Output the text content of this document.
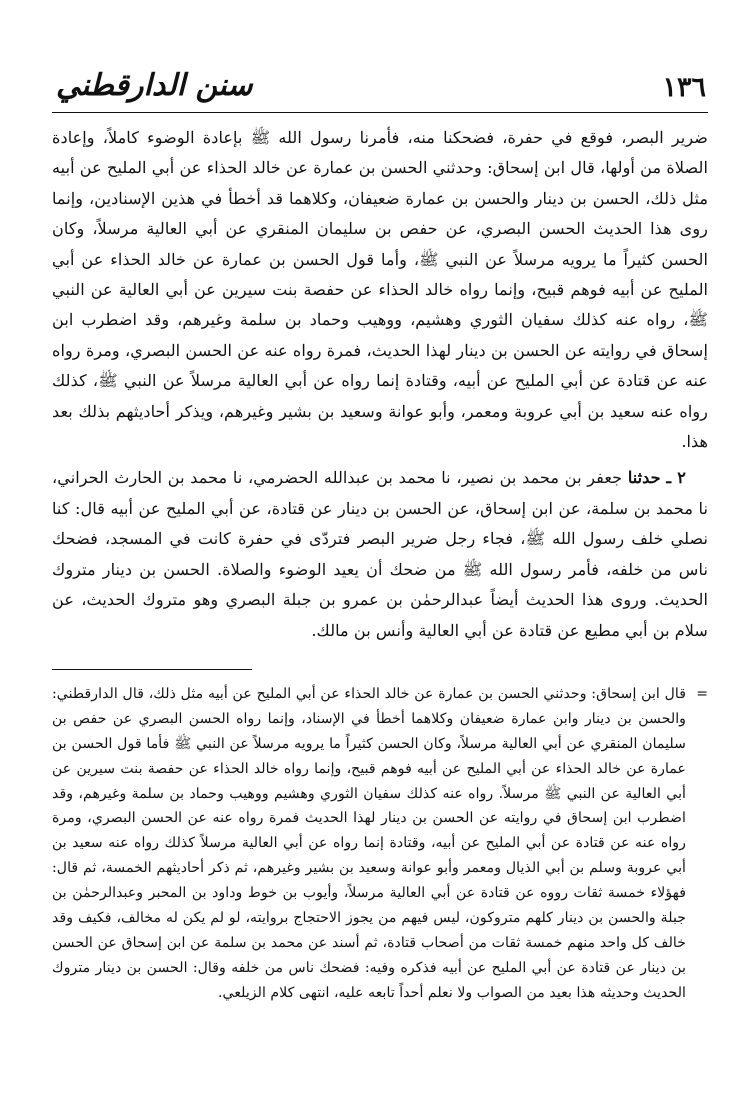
١٣٦
سنن الدارقطني

ضرير البصر، فوقع في حفرة، فضحكنا منه، فأمرنا رسول الله ﷺ بإعادة الوضوء كاملاً، وإعادة الصلاة من أولها، قال ابن إسحاق: وحدثني الحسن بن عمارة عن خالد الحذاء عن أبي المليح عن أبيه مثل ذلك، الحسن بن دينار والحسن بن عمارة ضعيفان، وكلاهما قد أخطأ في هذين الإسنادين، وإنما روى هذا الحديث الحسن البصري، عن حفص بن سليمان المنقري عن أبي العالية مرسلاً، وكان الحسن كثيراً ما يرويه مرسلاً عن النبي ﷺ، وأما قول الحسن بن عمارة عن خالد الحذاء عن أبي المليح عن أبيه فوهم قبيح، وإنما رواه خالد الحذاء عن حفصة بنت سيرين عن أبي العالية عن النبي ﷺ، رواه عنه كذلك سفيان الثوري وهشيم، ووهيب وحماد بن سلمة وغيرهم، وقد اضطرب ابن إسحاق في روايته عن الحسن بن دينار لهذا الحديث، فمرة رواه عنه عن الحسن البصري، ومرة رواه عنه عن قتادة عن أبي المليح عن أبيه، وقتادة إنما رواه عن أبي العالية مرسلاً عن النبي ﷺ، كذلك رواه عنه سعيد بن أبي عروبة ومعمر، وأبو عوانة وسعيد بن بشير وغيرهم، ويذكر أحاديثهم بذلك بعد هذا.

٢ ـ حدثنا جعفر بن محمد بن نصير، نا محمد بن عبدالله الحضرمي، نا محمد بن الحارث الحراني، نا محمد بن سلمة، عن ابن إسحاق، عن الحسن بن دينار عن قتادة، عن أبي المليح عن أبيه قال: كنا نصلي خلف رسول الله ﷺ، فجاء رجل ضرير البصر فتردّى في حفرة كانت في المسجد، فضحك ناس من خلفه، فأمر رسول الله ﷺ من ضحك أن يعيد الوضوء والصلاة. الحسن بن دينار متروك الحديث. وروى هذا الحديث أيضاً عبدالرحمٰن بن عمرو بن جبلة البصري وهو متروك الحديث، عن سلام بن أبي مطيع عن قتادة عن أبي العالية وأنس بن مالك.

=
قال ابن إسحاق: وحدثني الحسن بن عمارة عن خالد الحذاء عن أبي المليح عن أبيه مثل ذلك، قال الدارقطني: والحسن بن دينار وابن عمارة ضعيفان وكلاهما أخطأ في الإسناد، وإنما رواه الحسن البصري عن حفص بن سليمان المنقري عن أبي العالية مرسلاً، وكان الحسن كثيراً ما يرويه مرسلاً عن النبي ﷺ فأما قول الحسن بن عمارة عن خالد الحذاء عن أبي المليح عن أبيه فوهم قبيح، وإنما رواه خالد الحذاء عن حفصة بنت سيرين عن أبي العالية عن النبي ﷺ مرسلاً. رواه عنه كذلك سفيان الثوري وهشيم ووهيب وحماد بن سلمة وغيرهم، وقد اضطرب ابن إسحاق في روايته عن الحسن بن دينار لهذا الحديث فمرة رواه عنه عن الحسن البصري، ومرة رواه عنه عن قتادة عن أبي المليح عن أبيه، وقتادة إنما رواه عن أبي العالية مرسلاً كذلك رواه عنه سعيد بن أبي عروبة وسلم بن أبي الذيال ومعمر وأبو عوانة وسعيد بن بشير وغيرهم، ثم ذكر أحاديثهم الخمسة، ثم قال: فهؤلاء خمسة ثقات رووه عن قتادة عن أبي العالية مرسلاً، وأيوب بن خوط وداود بن المحبر وعبدالرحمٰن بن جبلة والحسن بن دينار كلهم متروكون، ليس فيهم من يجوز الاحتجاج بروايته، لو لم يكن له مخالف، فكيف وقد خالف كل واحد منهم خمسة ثقات من أصحاب قتادة، ثم أسند عن محمد بن سلمة عن ابن إسحاق عن الحسن بن دينار عن قتادة عن أبي المليح عن أبيه فذكره وفيه: فضحك ناس من خلفه وقال: الحسن بن دينار متروك الحديث وحديثه هذا بعيد من الصواب ولا نعلم أحداً تابعه عليه، انتهى كلام الزيلعي.
